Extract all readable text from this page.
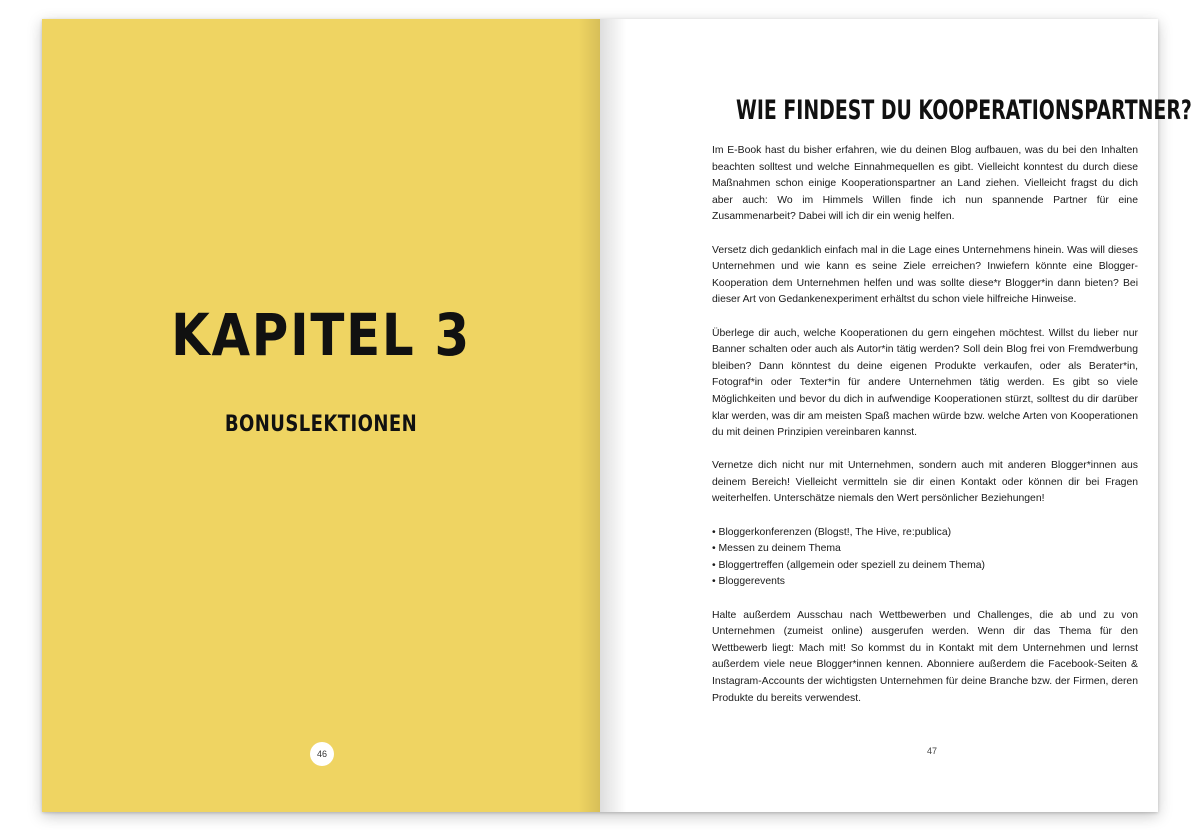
KAPITEL 3
BONUSLEKTIONEN
46
WIE FINDEST DU KOOPERATIONSPARTNER?

Im E-Book hast du bisher erfahren, wie du deinen Blog aufbauen, was du bei den Inhalten beachten solltest und welche Einnahmequellen es gibt. Vielleicht konntest du durch diese Maßnahmen schon einige Kooperationspartner an Land ziehen. Vielleicht fragst du dich aber auch: Wo im Himmels Willen finde ich nun spannende Partner für eine Zusammenarbeit? Dabei will ich dir ein wenig helfen.

Versetz dich gedanklich einfach mal in die Lage eines Unternehmens hinein. Was will dieses Unternehmen und wie kann es seine Ziele erreichen? Inwiefern könnte eine Blogger-Kooperation dem Unternehmen helfen und was sollte diese*r Blogger*in dann bieten? Bei dieser Art von Gedankenexperiment erhältst du schon viele hilfreiche Hinweise.

Überlege dir auch, welche Kooperationen du gern eingehen möchtest. Willst du lieber nur Banner schalten oder auch als Autor*in tätig werden? Soll dein Blog frei von Fremdwerbung bleiben? Dann könntest du deine eigenen Produkte verkaufen, oder als Berater*in, Fotograf*in oder Texter*in für andere Unternehmen tätig werden. Es gibt so viele Möglichkeiten und bevor du dich in aufwendige Kooperationen stürzt, solltest du dir darüber klar werden, was dir am meisten Spaß machen würde bzw. welche Arten von Kooperationen du mit deinen Prinzipien vereinbaren kannst.

Vernetze dich nicht nur mit Unternehmen, sondern auch mit anderen Blogger*innen aus deinem Bereich! Vielleicht vermitteln sie dir einen Kontakt oder können dir bei Fragen weiterhelfen. Unterschätze niemals den Wert persönlicher Beziehungen!

• Bloggerkonferenzen (Blogst!, The Hive, re:publica)
• Messen zu deinem Thema
• Bloggertreffen (allgemein oder speziell zu deinem Thema)
• Bloggerevents

Halte außerdem Ausschau nach Wettbewerben und Challenges, die ab und zu von Unternehmen (zumeist online) ausgerufen werden. Wenn dir das Thema für den Wettbewerb liegt: Mach mit! So kommst du in Kontakt mit dem Unternehmen und lernst außerdem viele neue Blogger*innen kennen. Abonniere außerdem die Facebook-Seiten & Instagram-Accounts der wichtigsten Unternehmen für deine Branche bzw. der Firmen, deren Produkte du bereits verwendest.

47
